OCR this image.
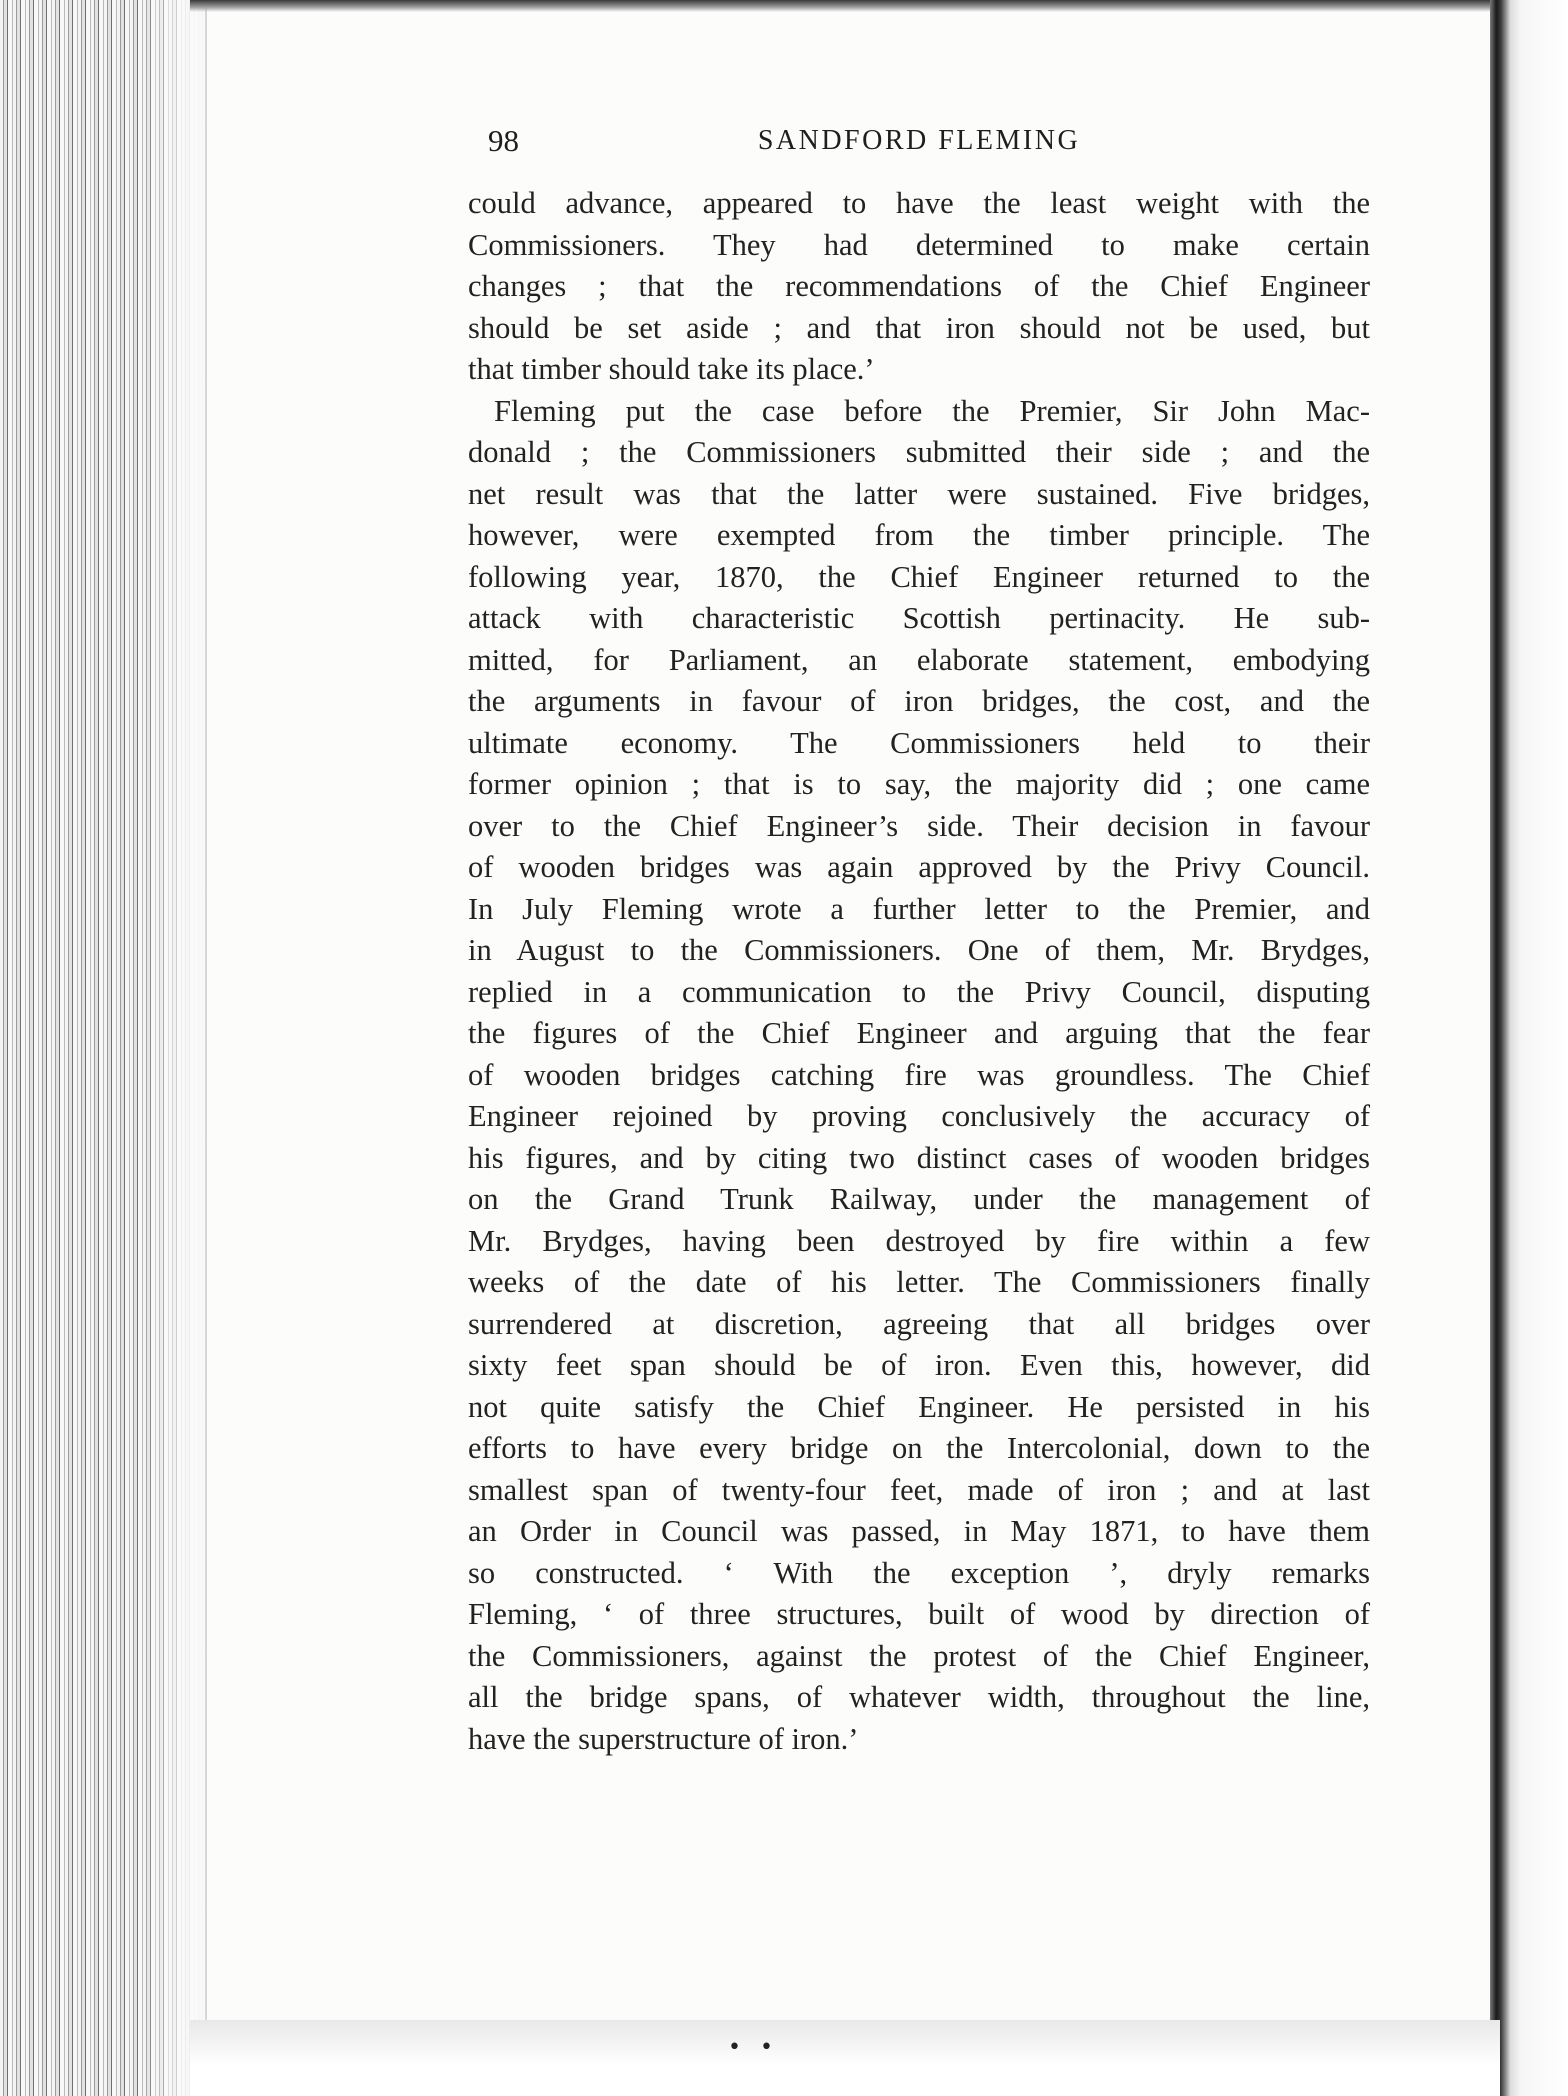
98	SANDFORD FLEMING
could advance, appeared to have the least weight with the
Commissioners. They had determined to make certain
changes ; that the recommendations of the Chief Engineer
should be set aside ; and that iron should not be used, but
that timber should take its place.’
Fleming put the case before the Premier, Sir John Mac-
donald ; the Commissioners submitted their side ; and the
net result was that the latter were sustained. Five bridges,
however, were exempted from the timber principle. The
following year, 1870, the Chief Engineer returned to the
attack with characteristic Scottish pertinacity. He sub-
mitted, for Parliament, an elaborate statement, embodying
the arguments in favour of iron bridges, the cost, and the
ultimate economy. The Commissioners held to their
former opinion ; that is to say, the majority did ; one came
over to the Chief Engineer’s side. Their decision in favour
of wooden bridges was again approved by the Privy Council.
In July Fleming wrote a further letter to the Premier, and
in August to the Commissioners. One of them, Mr. Brydges,
replied in a communication to the Privy Council, disputing
the figures of the Chief Engineer and arguing that the fear
of wooden bridges catching fire was groundless. The Chief
Engineer rejoined by proving conclusively the accuracy of
his figures, and by citing two distinct cases of wooden bridges
on the Grand Trunk Railway, under the management of
Mr. Brydges, having been destroyed by fire within a few
weeks of the date of his letter. The Commissioners finally
surrendered at discretion, agreeing that all bridges over
sixty feet span should be of iron. Even this, however, did
not quite satisfy the Chief Engineer. He persisted in his
efforts to have every bridge on the Intercolonial, down to the
smallest span of twenty-four feet, made of iron ; and at last
an Order in Council was passed, in May 1871, to have them
so constructed. ‘ With the exception ’, dryly remarks
Fleming, ‘ of three structures, built of wood by direction of
the Commissioners, against the protest of the Chief Engineer,
all the bridge spans, of whatever width, throughout the line,
have the superstructure of iron.’
• •
